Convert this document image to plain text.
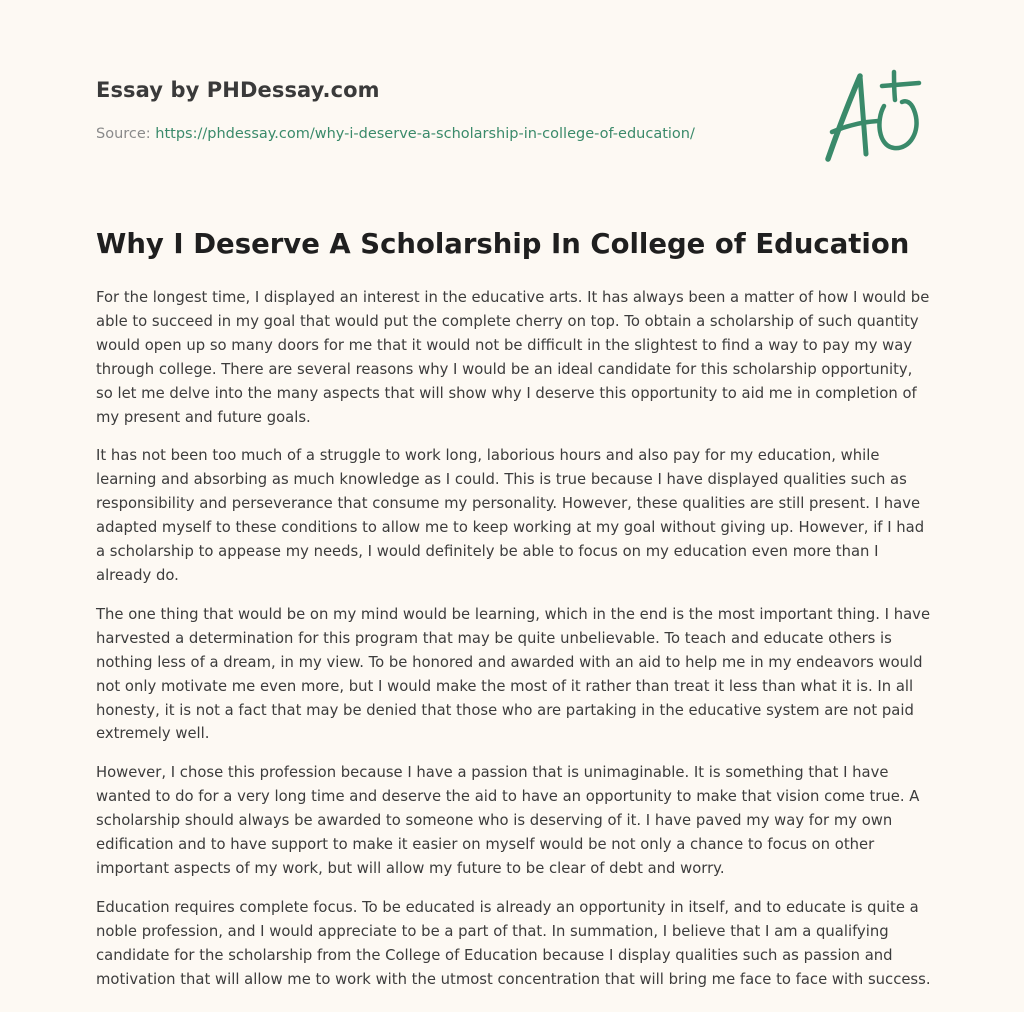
Essay by PHDessay.com
Source: https://phdessay.com/why-i-deserve-a-scholarship-in-college-of-education/
Why I Deserve A Scholarship In College of Education

For the longest time, I displayed an interest in the educative arts. It has always been a matter of how I would be able to succeed in my goal that would put the complete cherry on top. To obtain a scholarship of such quantity would open up so many doors for me that it would not be difficult in the slightest to find a way to pay my way through college. There are several reasons why I would be an ideal candidate for this scholarship opportunity, so let me delve into the many aspects that will show why I deserve this opportunity to aid me in completion of my present and future goals.

It has not been too much of a struggle to work long, laborious hours and also pay for my education, while learning and absorbing as much knowledge as I could. This is true because I have displayed qualities such as responsibility and perseverance that consume my personality. However, these qualities are still present. I have adapted myself to these conditions to allow me to keep working at my goal without giving up. However, if I had a scholarship to appease my needs, I would definitely be able to focus on my education even more than I already do.

The one thing that would be on my mind would be learning, which in the end is the most important thing. I have harvested a determination for this program that may be quite unbelievable. To teach and educate others is nothing less of a dream, in my view. To be honored and awarded with an aid to help me in my endeavors would not only motivate me even more, but I would make the most of it rather than treat it less than what it is. In all honesty, it is not a fact that may be denied that those who are partaking in the educative system are not paid extremely well.

However, I chose this profession because I have a passion that is unimaginable. It is something that I have wanted to do for a very long time and deserve the aid to have an opportunity to make that vision come true. A scholarship should always be awarded to someone who is deserving of it. I have paved my way for my own edification and to have support to make it easier on myself would be not only a chance to focus on other important aspects of my work, but will allow my future to be clear of debt and worry.

Education requires complete focus. To be educated is already an opportunity in itself, and to educate is quite a noble profession, and I would appreciate to be a part of that. In summation, I believe that I am a qualifying candidate for the scholarship from the College of Education because I display qualities such as passion and motivation that will allow me to work with the utmost concentration that will bring me face to face with success.
